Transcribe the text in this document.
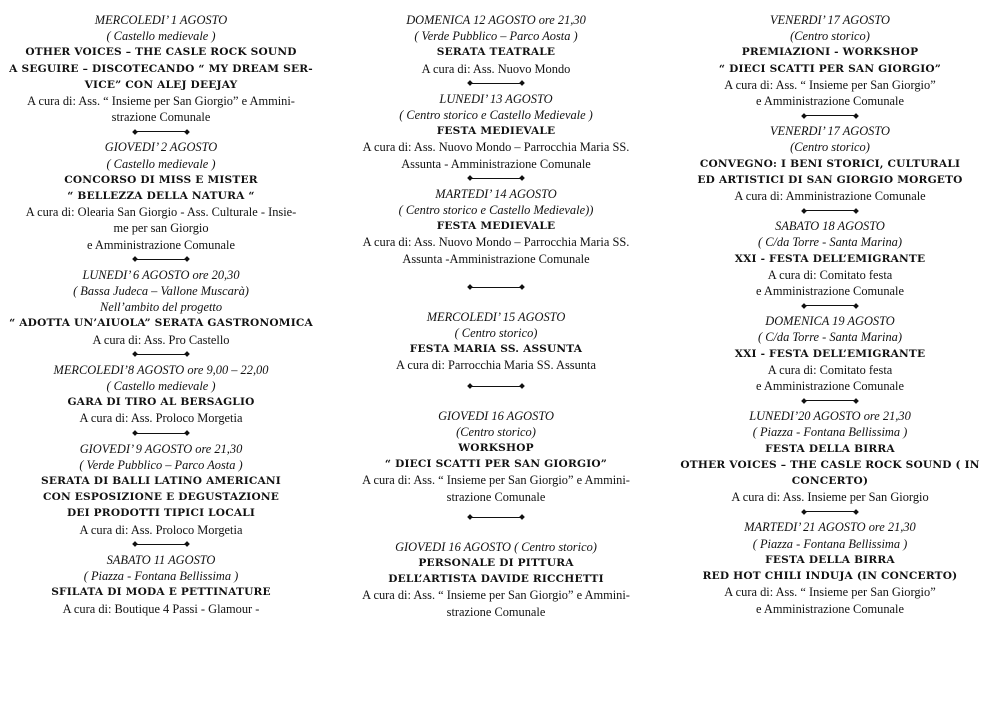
MERCOLEDI’ 1 AGOSTO
( Castello medievale )
OTHER VOICES – THE CASLE ROCK SOUND
A SEGUIRE – DISCOTECANDO “ MY DREAM SER-
VICE” CON ALEJ DEEJAY
A cura di: Ass. “ Insieme per San Giorgio” e Ammini-
strazione Comunale
GIOVEDI’ 2 AGOSTO
( Castello medievale )
CONCORSO DI MISS E MISTER
“ BELLEZZA DELLA NATURA “
A cura di: Olearia San Giorgio - Ass. Culturale - Insie-
me per san Giorgio
e Amministrazione Comunale
LUNEDI’ 6 AGOSTO ore 20,30
( Bassa Judeca – Vallone Muscarà)
Nell’ambito del progetto
“ ADOTTA UN’AIUOLA” SERATA GASTRONOMICA
A cura di: Ass. Pro Castello
MERCOLEDI’8 AGOSTO ore 9,00 – 22,00
( Castello medievale )
GARA DI TIRO AL BERSAGLIO
A cura di: Ass. Proloco Morgetia
GIOVEDI’ 9 AGOSTO ore 21,30
( Verde Pubblico – Parco Aosta )
SERATA DI BALLI LATINO AMERICANI
CON ESPOSIZIONE E DEGUSTAZIONE
DEI PRODOTTI TIPICI LOCALI
A cura di: Ass. Proloco Morgetia
SABATO 11 AGOSTO
( Piazza - Fontana Bellissima )
SFILATA DI MODA E PETTINATURE
A cura di: Boutique 4 Passi - Glamour -
DOMENICA 12 AGOSTO ore 21,30
( Verde Pubblico – Parco Aosta )
SERATA TEATRALE
A cura di: Ass. Nuovo Mondo
LUNEDI’ 13 AGOSTO
( Centro storico e Castello Medievale )
FESTA MEDIEVALE
A cura di: Ass. Nuovo Mondo – Parrocchia Maria SS.
Assunta - Amministrazione Comunale
MARTEDI’ 14 AGOSTO
( Centro storico e Castello Medievale))
FESTA MEDIEVALE
A cura di: Ass. Nuovo Mondo – Parrocchia Maria SS.
Assunta -Amministrazione Comunale
MERCOLEDI’ 15 AGOSTO
( Centro storico)
FESTA MARIA SS. ASSUNTA
A cura di: Parrocchia Maria SS. Assunta
GIOVEDI 16 AGOSTO
(Centro storico)
WORKSHOP
“ DIECI SCATTI PER SAN GIORGIO”
A cura di: Ass. “ Insieme per San Giorgio” e Ammini-
strazione Comunale
GIOVEDI 16 AGOSTO ( Centro storico)
PERSONALE DI PITTURA
DELL’ARTISTA DAVIDE RICCHETTI
A cura di: Ass. “ Insieme per San Giorgio” e Ammini-
strazione Comunale
VENERDI’ 17 AGOSTO
(Centro storico)
PREMIAZIONI - WORKSHOP
“ DIECI SCATTI PER SAN GIORGIO”
A cura di: Ass. “ Insieme per San Giorgio”
e Amministrazione Comunale
VENERDI’ 17 AGOSTO
(Centro storico)
CONVEGNO: I BENI STORICI, CULTURALI
ED ARTISTICI DI SAN GIORGIO MORGETO
A cura di: Amministrazione Comunale
SABATO 18 AGOSTO
( C/da Torre - Santa Marina)
XXI - FESTA DELL’EMIGRANTE
A cura di: Comitato festa
e Amministrazione Comunale
DOMENICA 19 AGOSTO
( C/da Torre - Santa Marina)
XXI - FESTA DELL’EMIGRANTE
A cura di: Comitato festa
e Amministrazione Comunale
LUNEDI’20 AGOSTO ore 21,30
( Piazza - Fontana Bellissima )
FESTA DELLA BIRRA
OTHER VOICES – THE CASLE ROCK SOUND ( IN
CONCERTO)
A cura di: Ass. Insieme per San Giorgio
MARTEDI’ 21 AGOSTO ore 21,30
( Piazza - Fontana Bellissima )
FESTA DELLA BIRRA
RED HOT CHILI INDUJA (IN CONCERTO)
A cura di: Ass. “ Insieme per San Giorgio”
e Amministrazione Comunale
